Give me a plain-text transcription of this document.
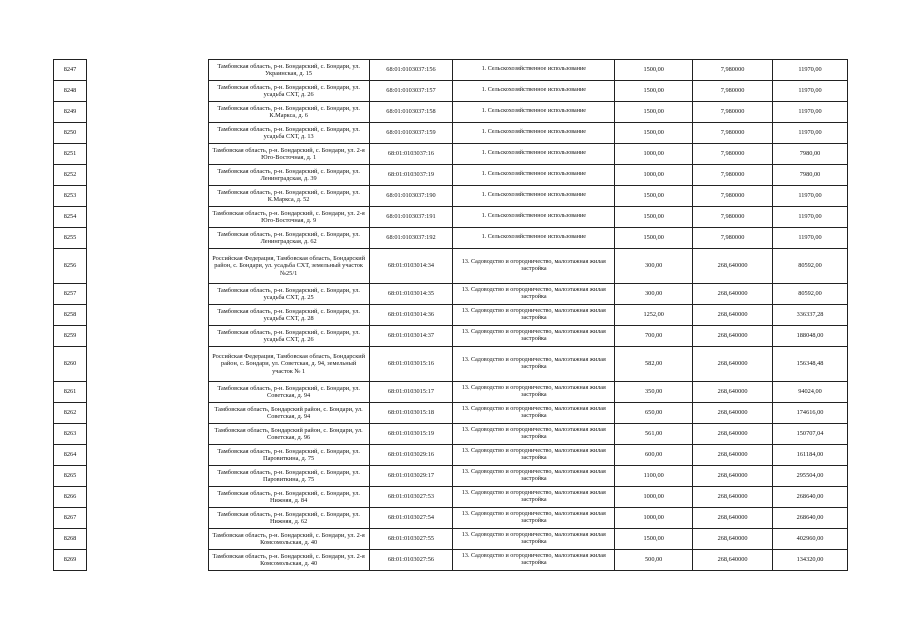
8247		Тамбовская область, р-н. Бондарский, с. Бондари, ул. Украинская, д. 15	68:01:0103037:156	1. Сельскохозяйственное использование	1500,00	7,980000	11970,00
8248		Тамбовская область, р-н. Бондарский, с. Бондари, ул. усадьба СХТ, д. 26	68:01:0103037:157	1. Сельскохозяйственное использование	1500,00	7,980000	11970,00
8249		Тамбовская область, р-н. Бондарский, с. Бондари, ул. К.Маркса, д. 6	68:01:0103037:158	1. Сельскохозяйственное использование	1500,00	7,980000	11970,00
8250		Тамбовская область, р-н. Бондарский, с. Бондари, ул. усадьба СХТ, д. 13	68:01:0103037:159	1. Сельскохозяйственное использование	1500,00	7,980000	11970,00
8251		Тамбовская область, р-н. Бондарский, с. Бондари, ул. 2-я Юго-Восточная, д. 1	68:01:0103037:16	1. Сельскохозяйственное использование	1000,00	7,980000	7980,00
8252		Тамбовская область, р-н. Бондарский, с. Бондари, ул. Ленинградская, д. 39	68:01:0103037:19	1. Сельскохозяйственное использование	1000,00	7,980000	7980,00
8253		Тамбовская область, р-н. Бондарский, с. Бондари, ул. К.Маркса, д. 52	68:01:0103037:190	1. Сельскохозяйственное использование	1500,00	7,980000	11970,00
8254		Тамбовская область, р-н. Бондарский, с. Бондари, ул. 2-я Юго-Восточная, д. 9	68:01:0103037:191	1. Сельскохозяйственное использование	1500,00	7,980000	11970,00
8255		Тамбовская область, р-н. Бондарский, с. Бондари, ул. Ленинградская, д. 62	68:01:0103037:192	1. Сельскохозяйственное использование	1500,00	7,980000	11970,00
8256		Российская Федерация, Тамбовская область, Бондарский район, с. Бондари, ул. усадьба СХТ, земельный участок №25/1	68:01:0103014:34	13. Садоводство и огородничество, малоэтажная жилая застройка	300,00	268,640000	80592,00
8257		Тамбовская область, р-н. Бондарский, с. Бондари, ул. усадьба СХТ, д. 25	68:01:0103014:35	13. Садоводство и огородничество, малоэтажная жилая застройка	300,00	268,640000	80592,00
8258		Тамбовская область, р-н. Бондарский, с. Бондари, ул. усадьба СХТ, д. 28	68:01:0103014:36	13. Садоводство и огородничество, малоэтажная жилая застройка	1252,00	268,640000	336337,28
8259		Тамбовская область, р-н. Бондарский, с. Бондари, ул. усадьба СХТ, д. 26	68:01:0103014:37	13. Садоводство и огородничество, малоэтажная жилая застройка	700,00	268,640000	188048,00
8260		Российская Федерация, Тамбовская область, Бондарский район, с. Бондари, ул. Советская, д. 94, земельный участок № 1	68:01:0103015:16	13. Садоводство и огородничество, малоэтажная жилая застройка	582,00	268,640000	156348,48
8261		Тамбовская область, р-н. Бондарский, с. Бондари, ул. Советская, д. 94	68:01:0103015:17	13. Садоводство и огородничество, малоэтажная жилая застройка	350,00	268,640000	94024,00
8262		Тамбовская область, Бондарский район, с. Бондари, ул. Советская, д. 94	68:01:0103015:18	13. Садоводство и огородничество, малоэтажная жилая застройка	650,00	268,640000	174616,00
8263		Тамбовская область, Бондарский район, с. Бондари, ул. Советская, д. 96	68:01:0103015:19	13. Садоводство и огородничество, малоэтажная жилая застройка	561,00	268,640000	150707,04
8264		Тамбовская область, р-н. Бондарский, с. Бондари, ул. Паровиткина, д. 75	68:01:0103029:16	13. Садоводство и огородничество, малоэтажная жилая застройка	600,00	268,640000	161184,00
8265		Тамбовская область, р-н. Бондарский, с. Бондари, ул. Паровиткина, д. 75	68:01:0103029:17	13. Садоводство и огородничество, малоэтажная жилая застройка	1100,00	268,640000	295504,00
8266		Тамбовская область, р-н. Бондарский, с. Бондари, ул. Нижняя, д. 84	68:01:0103027:53	13. Садоводство и огородничество, малоэтажная жилая застройка	1000,00	268,640000	268640,00
8267		Тамбовская область, р-н. Бондарский, с. Бондари, ул. Нижняя, д. 62	68:01:0103027:54	13. Садоводство и огородничество, малоэтажная жилая застройка	1000,00	268,640000	268640,00
8268		Тамбовская область, р-н. Бондарский, с. Бондари, ул. 2-я Комсомольская, д. 40	68:01:0103027:55	13. Садоводство и огородничество, малоэтажная жилая застройка	1500,00	268,640000	402960,00
8269		Тамбовская область, р-н. Бондарский, с. Бондари, ул. 2-я Комсомольская, д. 40	68:01:0103027:56	13. Садоводство и огородничество, малоэтажная жилая застройка	500,00	268,640000	134320,00
